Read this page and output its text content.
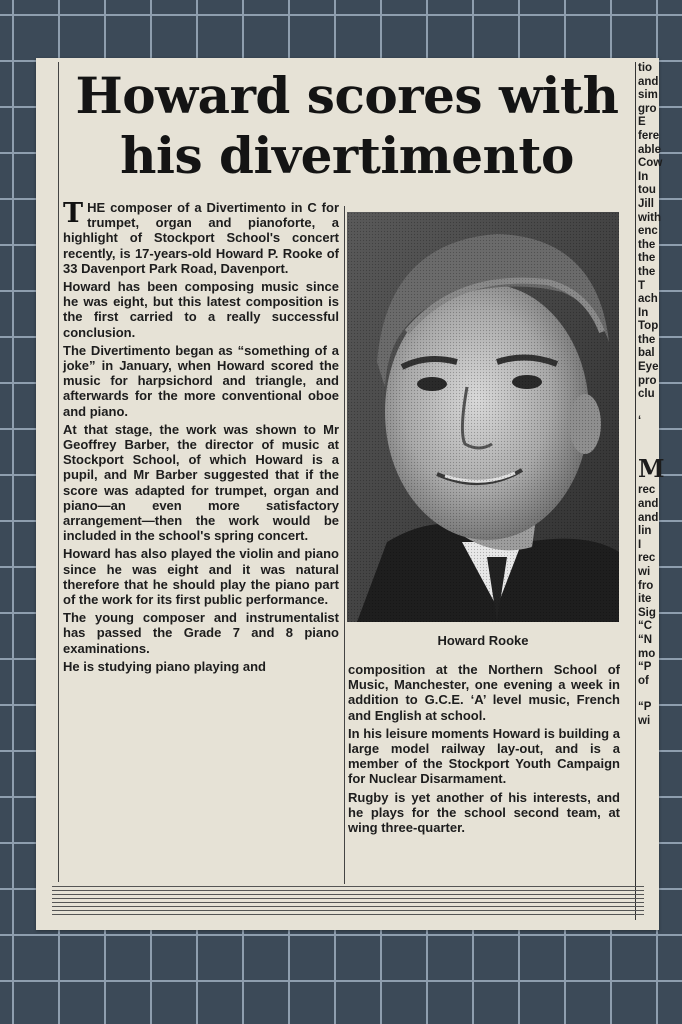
Howard scores with
his divertimento

THE composer of a Divertimento in C for trumpet, organ and pianoforte, a highlight of Stockport School's concert recently, is 17-years-old Howard P. Rooke of 33 Davenport Park Road, Davenport.

Howard has been composing music since he was eight, but this latest composition is the first carried to a really successful conclusion.

The Divertimento began as “something of a joke” in January, when Howard scored the music for harpsichord and triangle, and afterwards for the more conventional oboe and piano.

At that stage, the work was shown to Mr Geoffrey Barber, the director of music at Stockport School, of which Howard is a pupil, and Mr Barber suggested that if the score was adapted for trumpet, organ and piano—an even more satisfactory arrangement—then the work would be included in the school's spring concert.

Howard has also played the violin and piano since he was eight and it was natural therefore that he should play the piano part of the work for its first public performance.

The young composer and instrumentalist has passed the Grade 7 and 8 piano examinations.

He is studying piano playing and

Howard Rooke

composition at the Northern School of Music, Manchester, one evening a week in addition to G.C.E. ‘A’ level music, French and English at school.

In his leisure moments Howard is building a large model railway lay-out, and is a member of the Stockport Youth Campaign for Nuclear Disarmament.

Rugby is yet another of his interests, and he plays for the school second team, at wing three-quarter.

tio
and
sim
gro
E
fere
able
Cow
In
tou
Jill
with
enc
the
the
the
T
ach
In
Top
the
bal
Eye
pro
clu
‘
M
rec
and
and
lin
I
rec
wi
fro
ite
Sig
“C
“N
mo
“P
of
“P
wi
